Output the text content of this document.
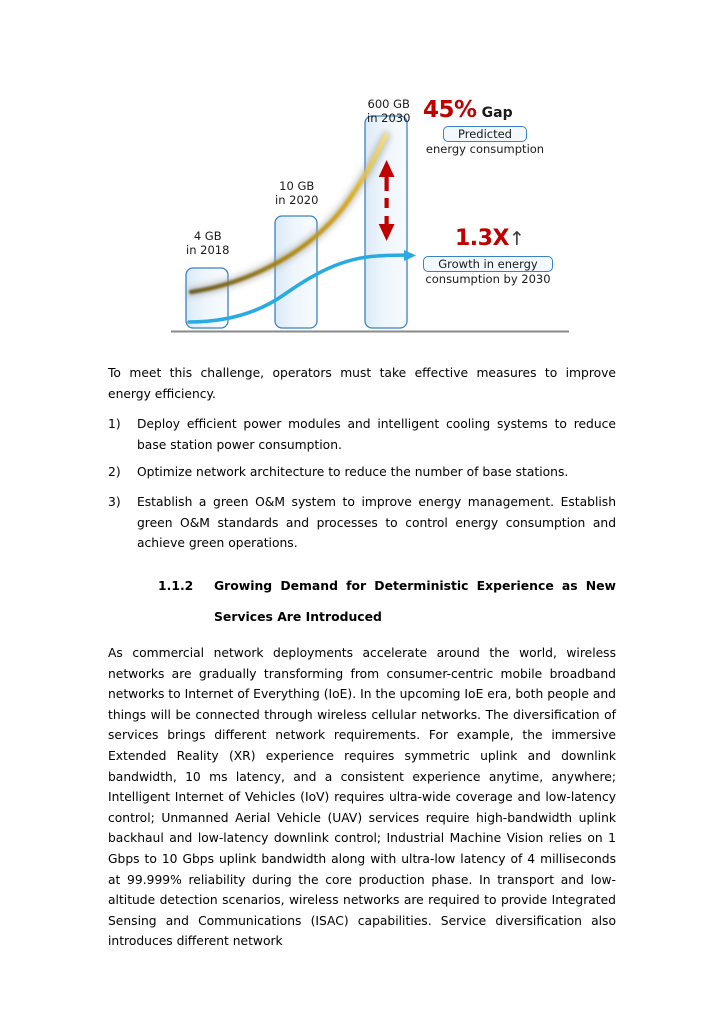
4 GB
in 2018
10 GB
in 2020
600 GB
in 2030 45% Gap
Predicted
energy consumption
1.3X↑
Growth in energy
consumption by 2030
To meet this challenge, operators must take effective measures to improve energy efficiency.
1)	Deploy efficient power modules and intelligent cooling systems to reduce base station power consumption.
2)	Optimize network architecture to reduce the number of base stations.
3)	Establish a green O&M system to improve energy management. Establish green O&M standards and processes to control energy consumption and achieve green operations.
1.1.2	Growing Demand for Deterministic Experience as New Services Are Introduced
As commercial network deployments accelerate around the world, wireless networks are gradually transforming from consumer-centric mobile broadband networks to Internet of Everything (IoE). In the upcoming IoE era, both people and things will be connected through wireless cellular networks. The diversification of services brings different network requirements. For example, the immersive Extended Reality (XR) experience requires symmetric uplink and downlink bandwidth, 10 ms latency, and a consistent experience anytime, anywhere; Intelligent Internet of Vehicles (IoV) requires ultra-wide coverage and low-latency control; Unmanned Aerial Vehicle (UAV) services require high-bandwidth uplink backhaul and low-latency downlink control; Industrial Machine Vision relies on 1 Gbps to 10 Gbps uplink bandwidth along with ultra-low latency of 4 milliseconds at 99.999% reliability during the core production phase. In transport and low-altitude detection scenarios, wireless networks are required to provide Integrated Sensing and Communications (ISAC) capabilities. Service diversification also introduces different network
